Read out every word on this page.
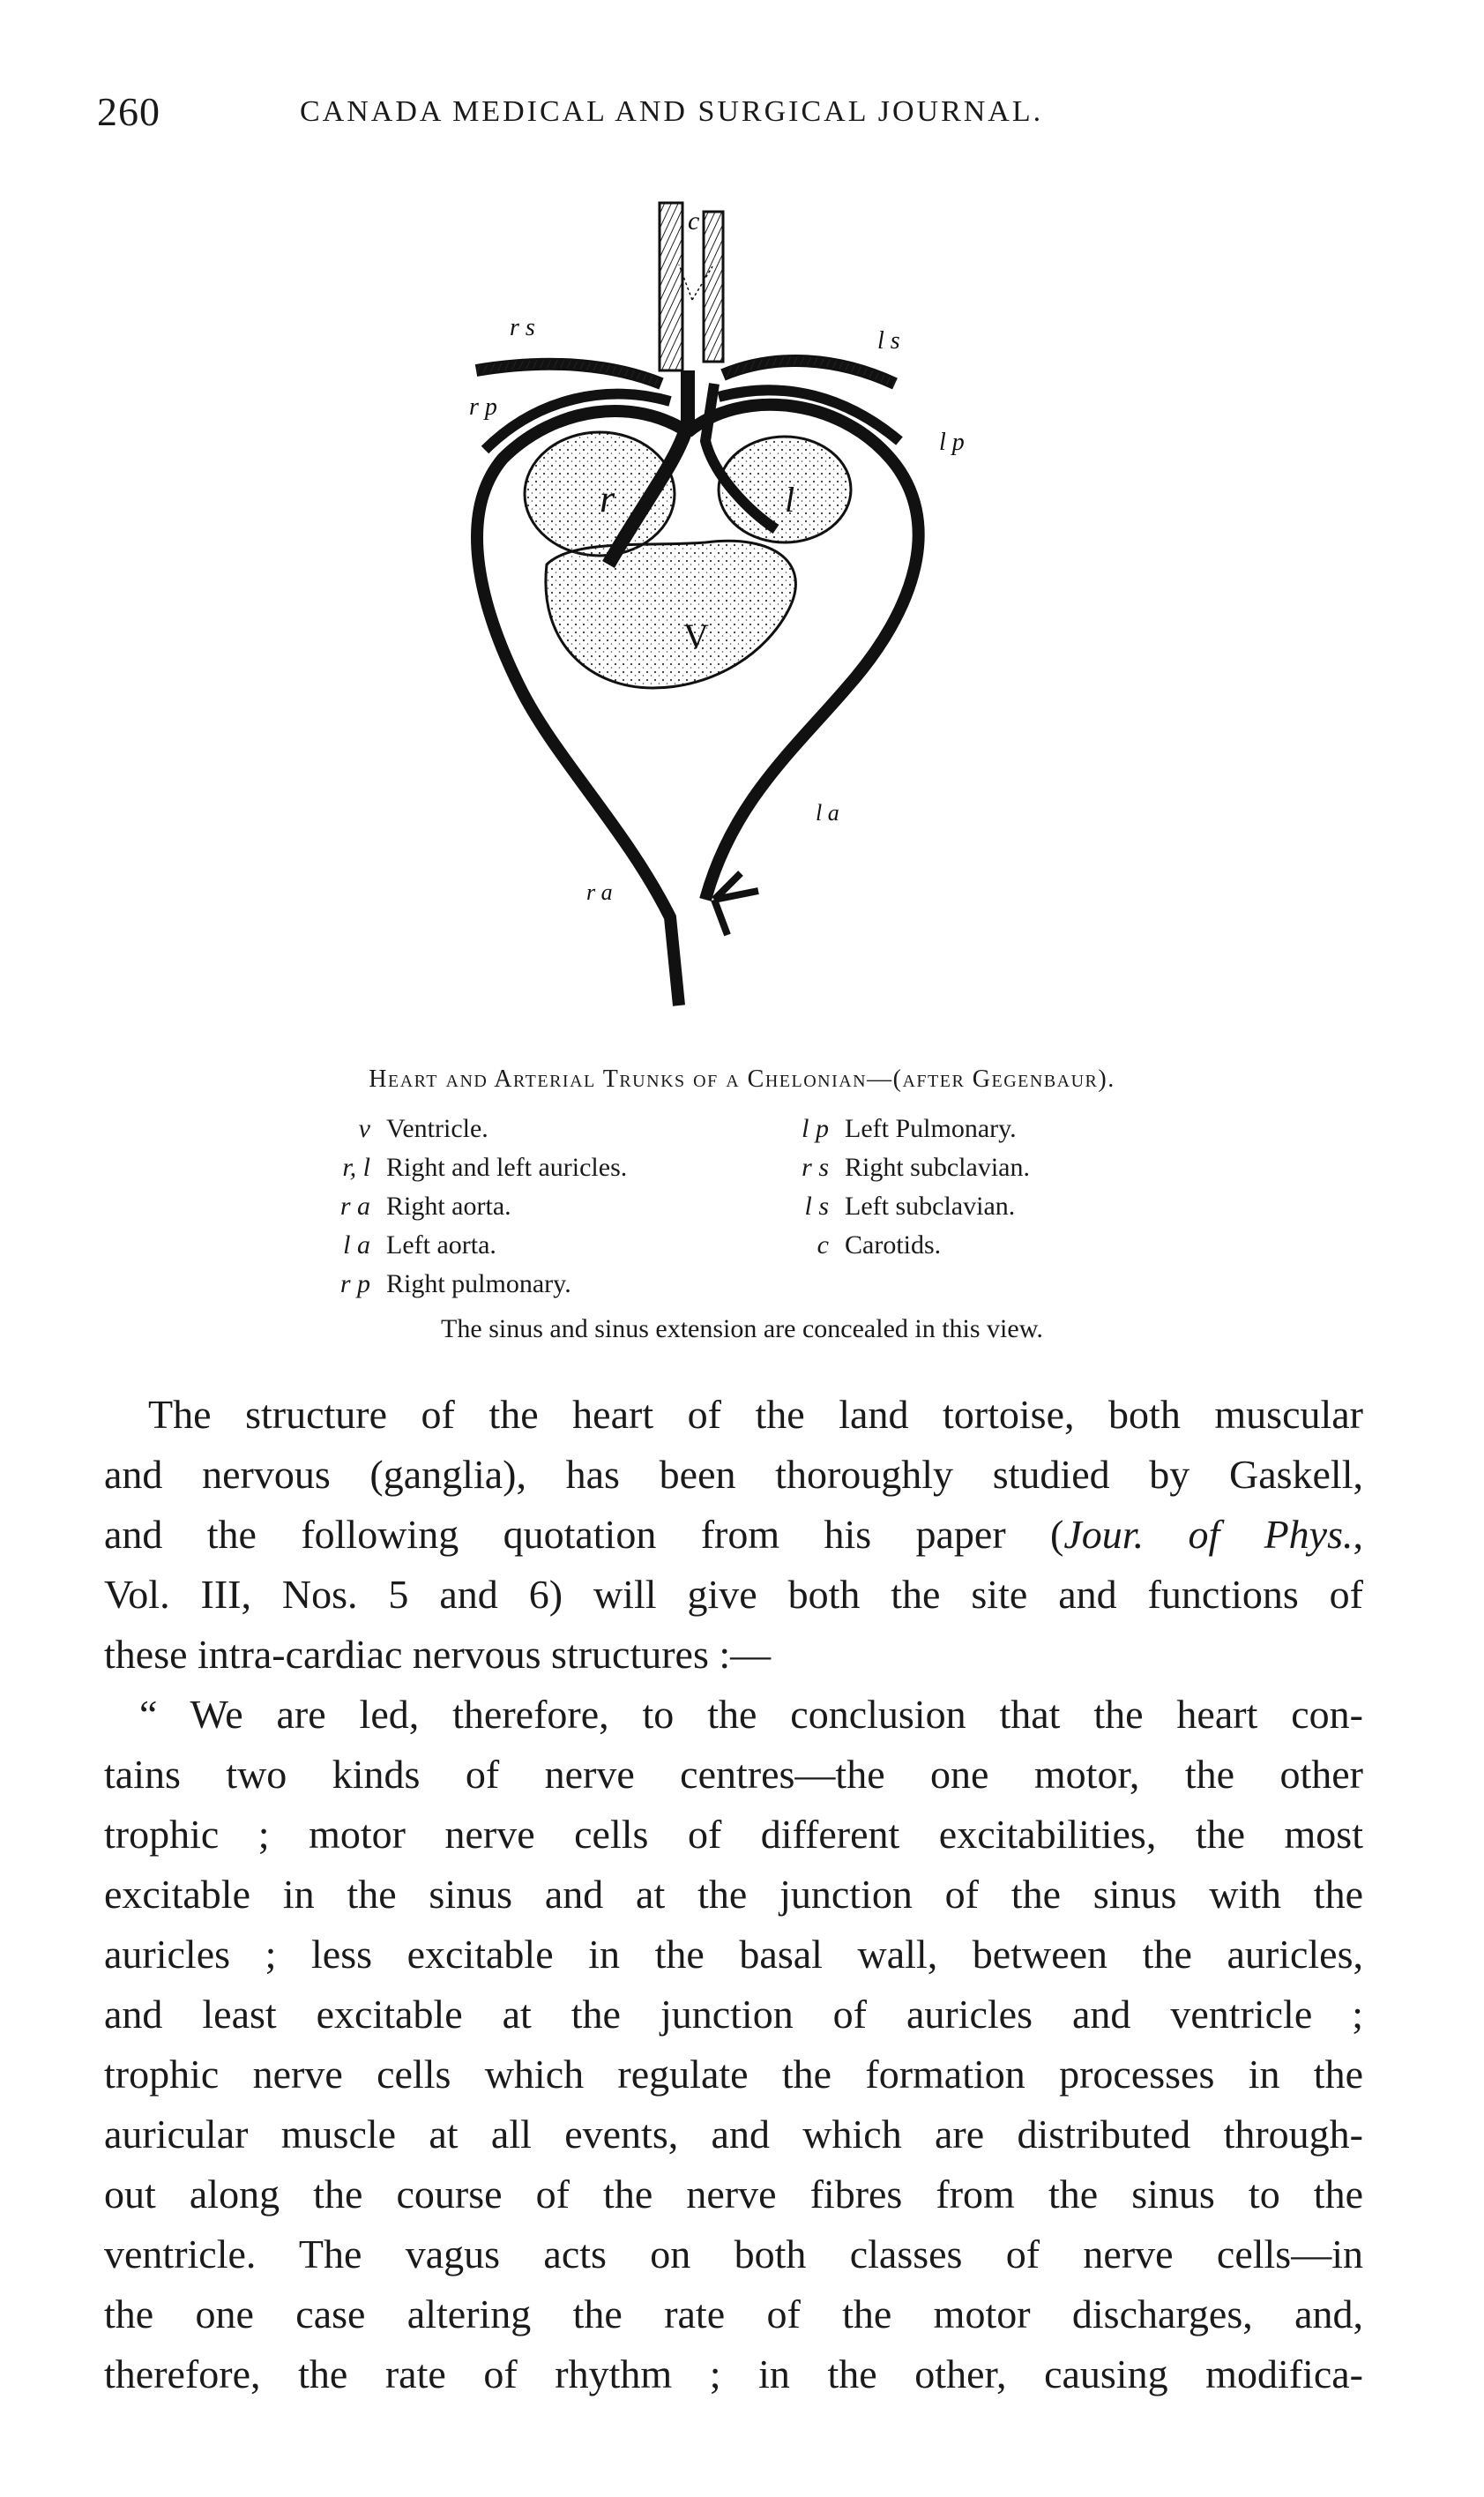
260	CANADA MEDICAL AND SURGICAL JOURNAL.
c
r s	l s
r p
l p
r	l
V
l a
r a
Heart and Arterial Trunks of a Chelonian—(after Gegenbaur).
v Ventricle.
r, l Right and left auricles.
r a Right aorta.
l a Left aorta.
r p Right pulmonary.
l p Left Pulmonary.
r s Right subclavian.
l s Left subclavian.
c Carotids.
The sinus and sinus extension are concealed in this view.
The structure of the heart of the land tortoise, both muscular
and nervous (ganglia), has been thoroughly studied by Gaskell,
and the following quotation from his paper (Jour. of Phys.,
Vol. III, Nos. 5 and 6) will give both the site and functions of
these intra-cardiac nervous structures :—
“ We are led, therefore, to the conclusion that the heart con-
tains two kinds of nerve centres—the one motor, the other
trophic ; motor nerve cells of different excitabilities, the most
excitable in the sinus and at the junction of the sinus with the
auricles ; less excitable in the basal wall, between the auricles,
and least excitable at the junction of auricles and ventricle ;
trophic nerve cells which regulate the formation processes in the
auricular muscle at all events, and which are distributed through-
out along the course of the nerve fibres from the sinus to the
ventricle. The vagus acts on both classes of nerve cells—in
the one case altering the rate of the motor discharges, and,
therefore, the rate of rhythm ; in the other, causing modifica-
